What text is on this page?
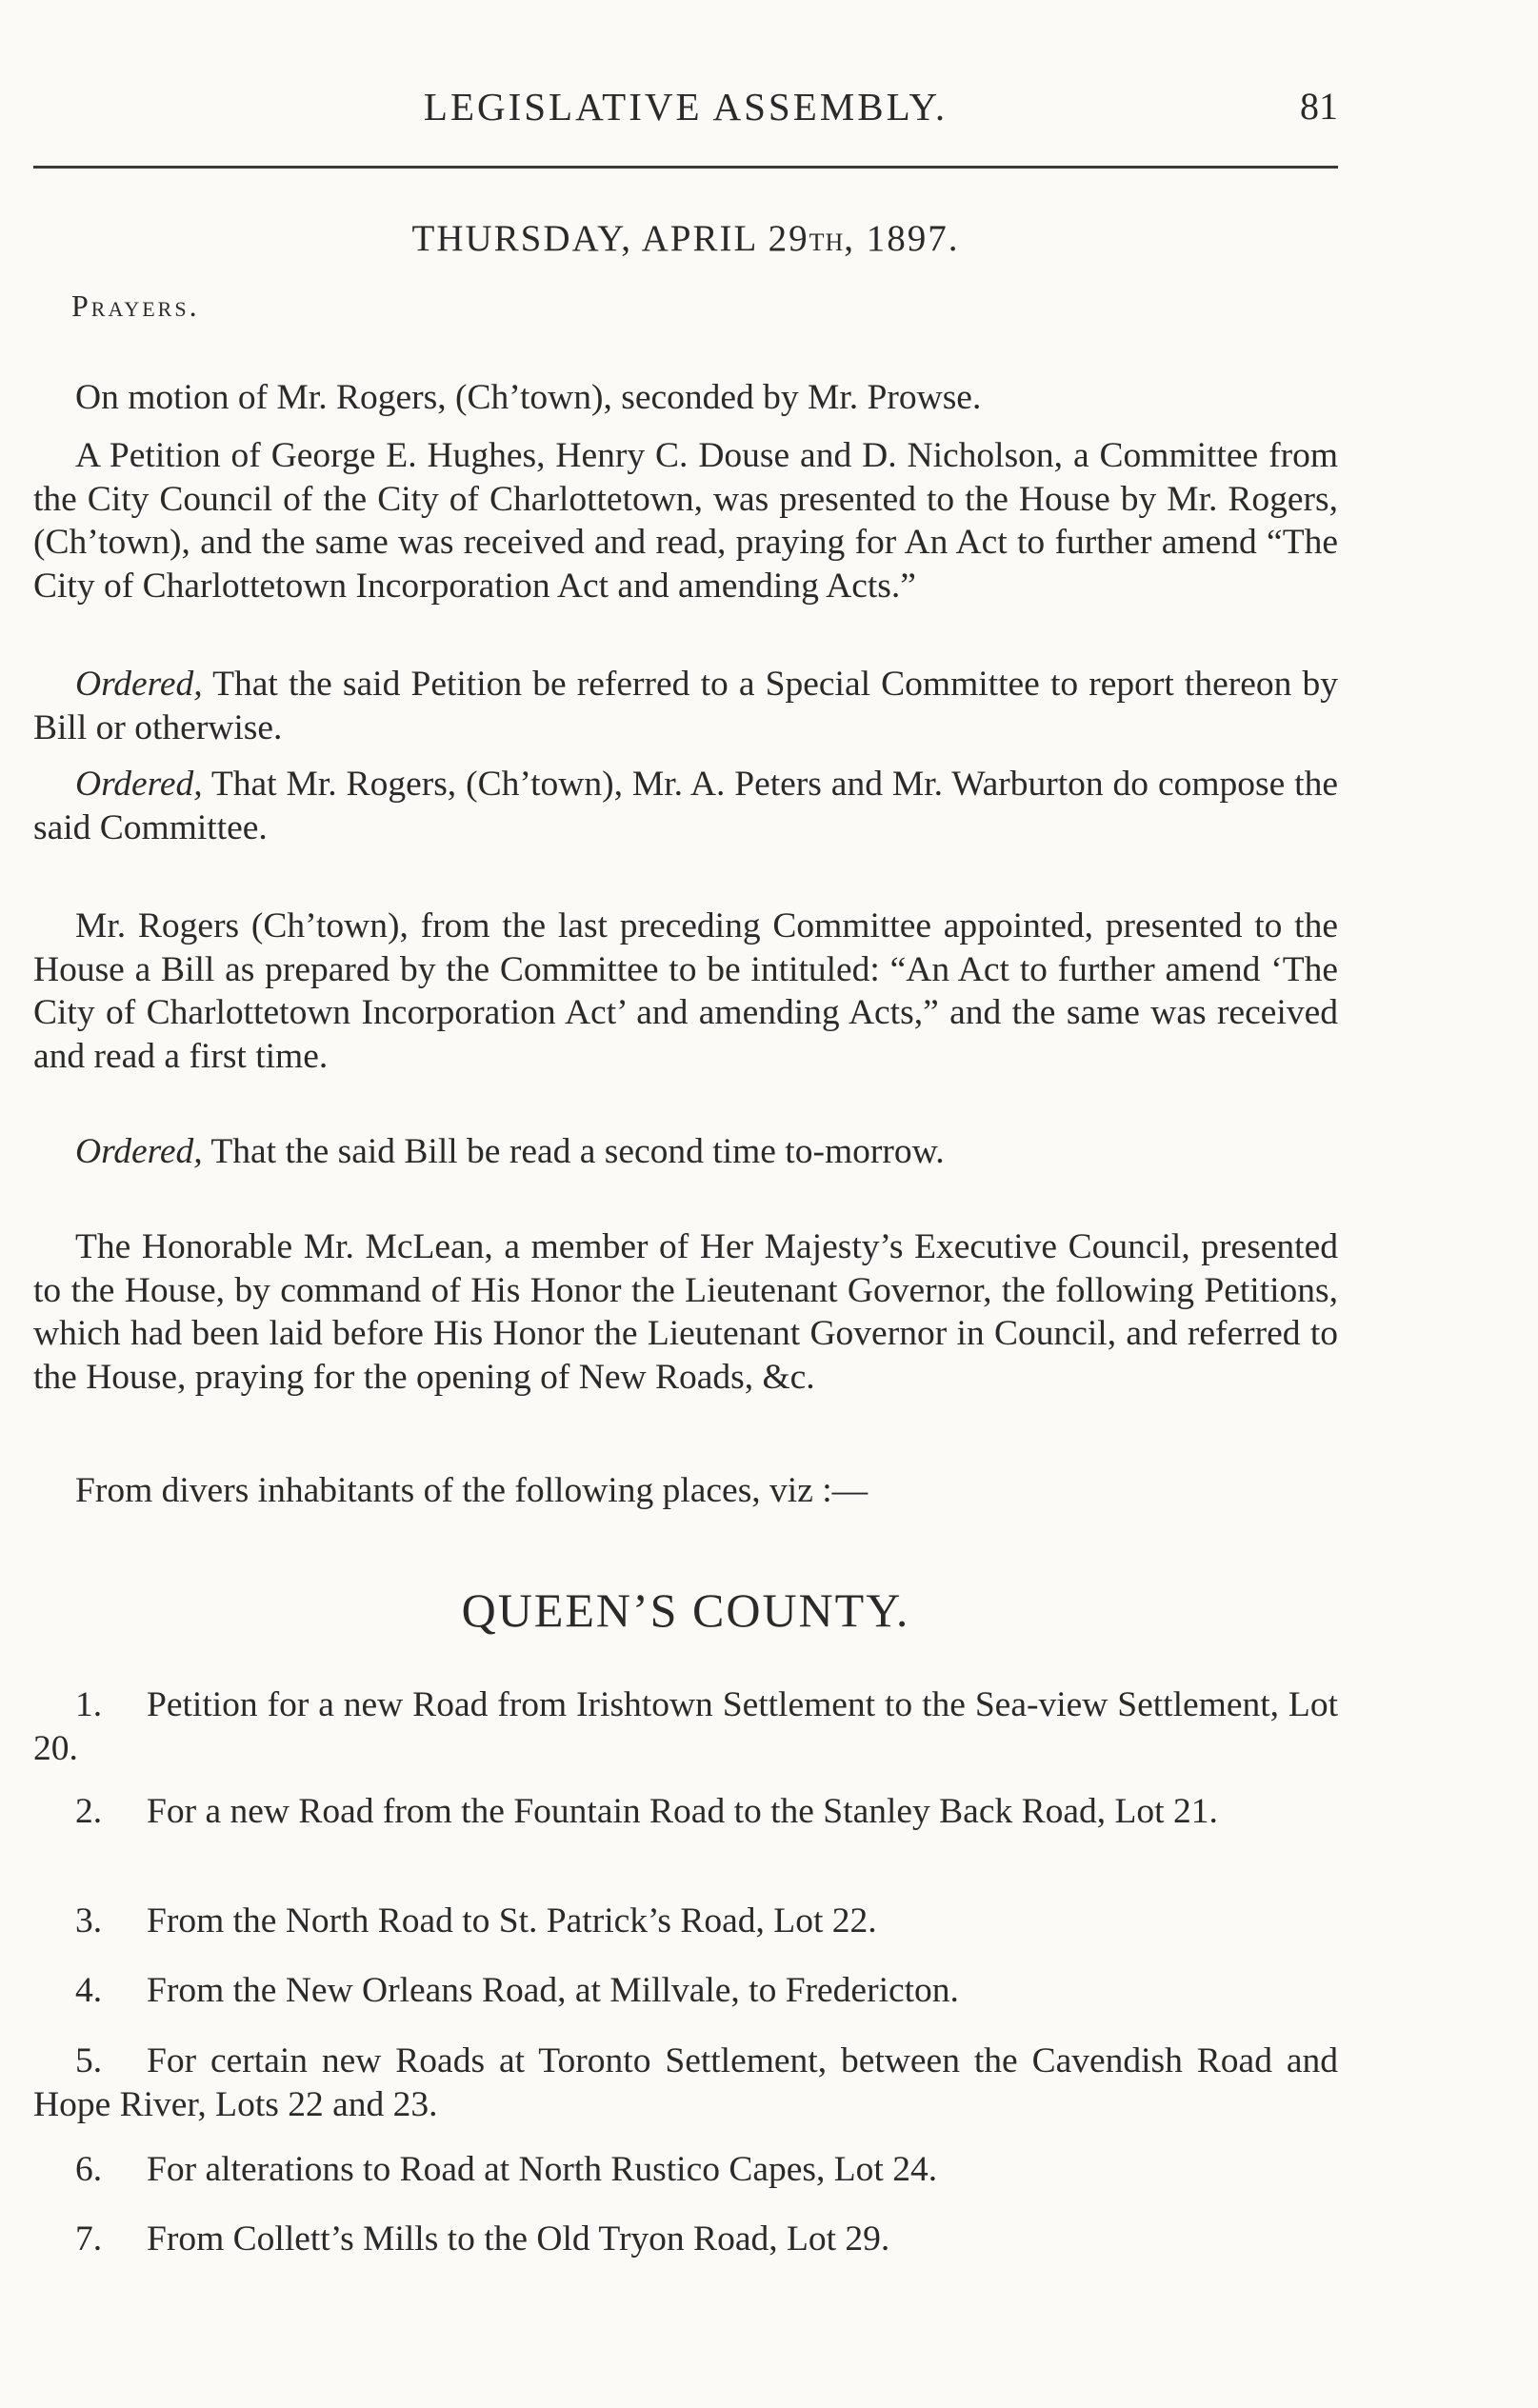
LEGISLATIVE ASSEMBLY.	81
THURSDAY, APRIL 29TH, 1897.
Prayers.

On motion of Mr. Rogers, (Ch’town), seconded by Mr. Prowse.

A Petition of George E. Hughes, Henry C. Douse and D. Nicholson, a Committee from the City Council of the City of Charlottetown, was presented to the House by Mr. Rogers, (Ch’town), and the same was received and read, praying for An Act to further amend “The City of Charlottetown Incorporation Act and amending Acts.”

Ordered, That the said Petition be referred to a Special Committee to report thereon by Bill or otherwise.

Ordered, That Mr. Rogers, (Ch’town), Mr. A. Peters and Mr. Warburton do compose the said Committee.

Mr. Rogers (Ch’town), from the last preceding Committee appointed, presented to the House a Bill as prepared by the Committee to be intituled: “An Act to further amend ‘The City of Charlottetown Incorporation Act’ and amending Acts,” and the same was received and read a first time.

Ordered, That the said Bill be read a second time to-morrow.

The Honorable Mr. McLean, a member of Her Majesty’s Executive Council, presented to the House, by command of His Honor the Lieutenant Governor, the following Petitions, which had been laid before His Honor the Lieutenant Governor in Council, and referred to the House, praying for the opening of New Roads, &c.

From divers inhabitants of the following places, viz :—

QUEEN’S COUNTY.

1. Petition for a new Road from Irishtown Settlement to the Sea-view Settlement, Lot 20.

2. For a new Road from the Fountain Road to the Stanley Back Road, Lot 21.

3. From the North Road to St. Patrick’s Road, Lot 22.

4. From the New Orleans Road, at Millvale, to Fredericton.

5. For certain new Roads at Toronto Settlement, between the Cavendish Road and Hope River, Lots 22 and 23.

6. For alterations to Road at North Rustico Capes, Lot 24.

7. From Collett’s Mills to the Old Tryon Road, Lot 29.
